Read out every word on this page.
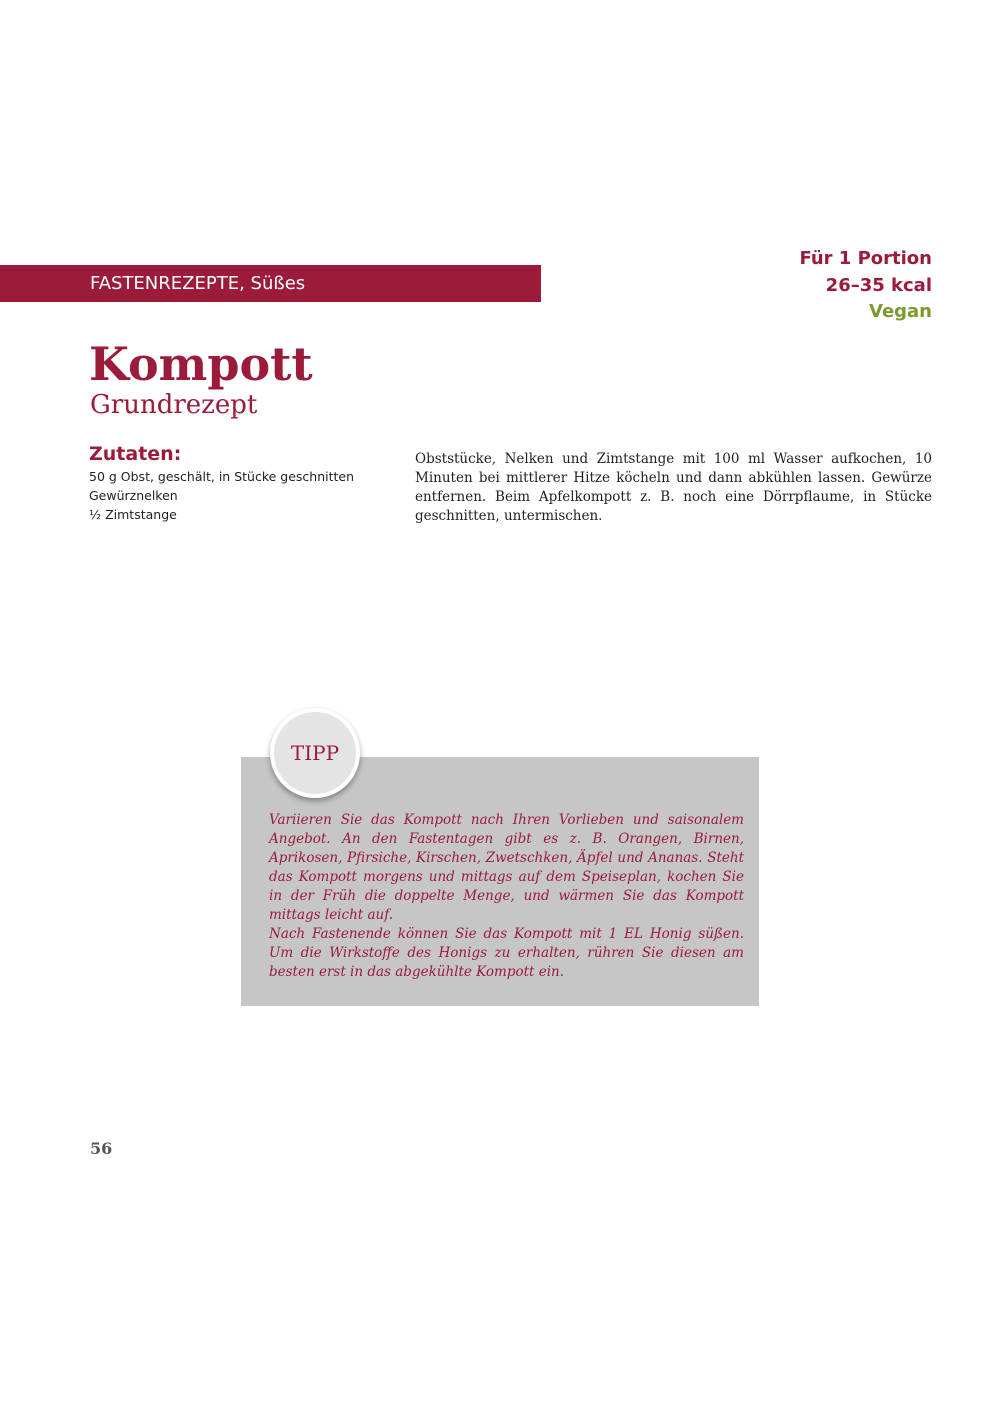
FASTENREZEPTE, Süßes
Für 1 Portion
26–35 kcal
Vegan
Kompott
Grundrezept
Zutaten:
50 g Obst, geschält, in Stücke geschnitten
Gewürznelken
½ Zimtstange

Obststücke, Nelken und Zimtstange mit 100 ml Wasser aufkochen, 10 Minuten bei mittlerer Hitze köcheln und dann abkühlen lassen. Gewürze entfernen. Beim Apfelkompott z. B. noch eine Dörrpflaume, in Stücke geschnitten, untermischen.

TIPP

Variieren Sie das Kompott nach Ihren Vorlieben und saisonalem Angebot. An den Fastentagen gibt es z. B. Orangen, Birnen, Aprikosen, Pfirsiche, Kirschen, Zwetschken, Äpfel und Ananas. Steht das Kompott morgens und mittags auf dem Speiseplan, kochen Sie in der Früh die doppelte Menge, und wärmen Sie das Kompott mittags leicht auf.

Nach Fastenende können Sie das Kompott mit 1 EL Honig süßen. Um die Wirkstoffe des Honigs zu erhalten, rühren Sie diesen am besten erst in das abgekühlte Kompott ein.

56
